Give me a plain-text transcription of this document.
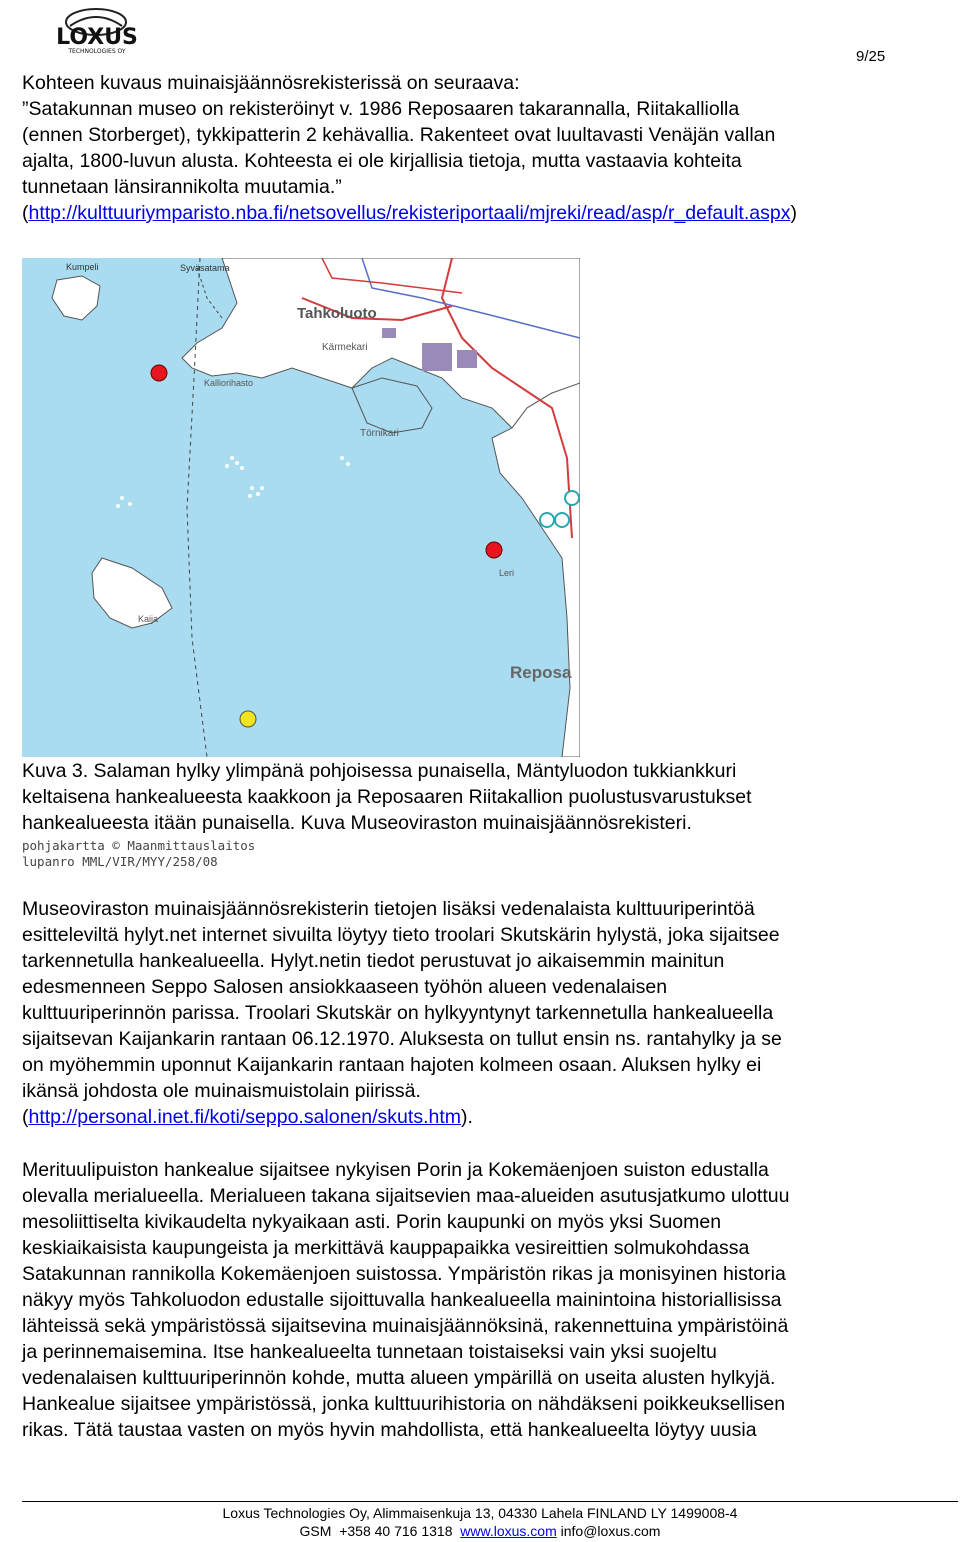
LOXUS
TECHNOLOGIES OY	9/25

Kohteen kuvaus muinaisjäännösrekisterissä on seuraava:

”Satakunnan museo on rekisteröinyt v. 1986 Reposaaren takarannalla, Riitakalliolla

(ennen Storberget), tykkipatterin 2 kehävallia. Rakenteet ovat luultavasti Venäjän vallan

ajalta, 1800-luvun alusta. Kohteesta ei ole kirjallisia tietoja, mutta vastaavia kohteita

tunnetaan länsirannikolta muutamia.”

(http://kulttuuriymparisto.nba.fi/netsovellus/rekisteriportaali/mjreki/read/asp/r_default.aspx)

Syväsatama
Kumpeli
Tahkoluoto
Kärmekari
Kalliorihasto
Törnikari
Leri
Kaija
Reposa

Kuva 3. Salaman hylky ylimpänä pohjoisessa punaisella, Mäntyluodon tukkiankkuri

keltaisena hankealueesta kaakkoon ja Reposaaren Riitakallion puolustusvarustukset

hankealueesta itään punaisella. Kuva Museoviraston muinaisjäännösrekisteri.

pohjakartta © Maanmittauslaitos

lupanro MML/VIR/MYY/258/08

Museoviraston muinaisjäännösrekisterin tietojen lisäksi vedenalaista kulttuuriperintöä

esitteleviltä hylyt.net internet sivuilta löytyy tieto troolari Skutskärin hylystä, joka sijaitsee

tarkennetulla hankealueella. Hylyt.netin tiedot perustuvat jo aikaisemmin mainitun

edesmenneen Seppo Salosen ansiokkaaseen työhön alueen vedenalaisen

kulttuuriperinnön parissa. Troolari Skutskär on hylkyyntynyt tarkennetulla hankealueella

sijaitsevan Kaijankarin rantaan 06.12.1970. Aluksesta on tullut ensin ns. rantahylky ja se

on myöhemmin uponnut Kaijankarin rantaan hajoten kolmeen osaan. Aluksen hylky ei

ikänsä johdosta ole muinaismuistolain piirissä.

(http://personal.inet.fi/koti/seppo.salonen/skuts.htm).

Merituulipuiston hankealue sijaitsee nykyisen Porin ja Kokemäenjoen suiston edustalla

olevalla merialueella. Merialueen takana sijaitsevien maa-alueiden asutusjatkumo ulottuu

mesoliittiselta kivikaudelta nykyaikaan asti. Porin kaupunki on myös yksi Suomen

keskiaikaisista kaupungeista ja merkittävä kauppapaikka vesireittien solmukohdassa

Satakunnan rannikolla Kokemäenjoen suistossa. Ympäristön rikas ja monisyinen historia

näkyy myös Tahkoluodon edustalle sijoittuvalla hankealueella mainintoina historiallisissa

lähteissä sekä ympäristössä sijaitsevina muinaisjäännöksinä, rakennettuina ympäristöinä

ja perinnemaisemina. Itse hankealueelta tunnetaan toistaiseksi vain yksi suojeltu

vedenalaisen kulttuuriperinnön kohde, mutta alueen ympärillä on useita alusten hylkyjä.

Hankealue sijaitsee ympäristössä, jonka kulttuurihistoria on nähdäkseni poikkeuksellisen

rikas. Tätä taustaa vasten on myös hyvin mahdollista, että hankealueelta löytyy uusia

Loxus Technologies Oy, Alimmaisenkuja 13, 04330 Lahela FINLAND LY 1499008-4

GSM  +358 40 716 1318  www.loxus.com info@loxus.com
